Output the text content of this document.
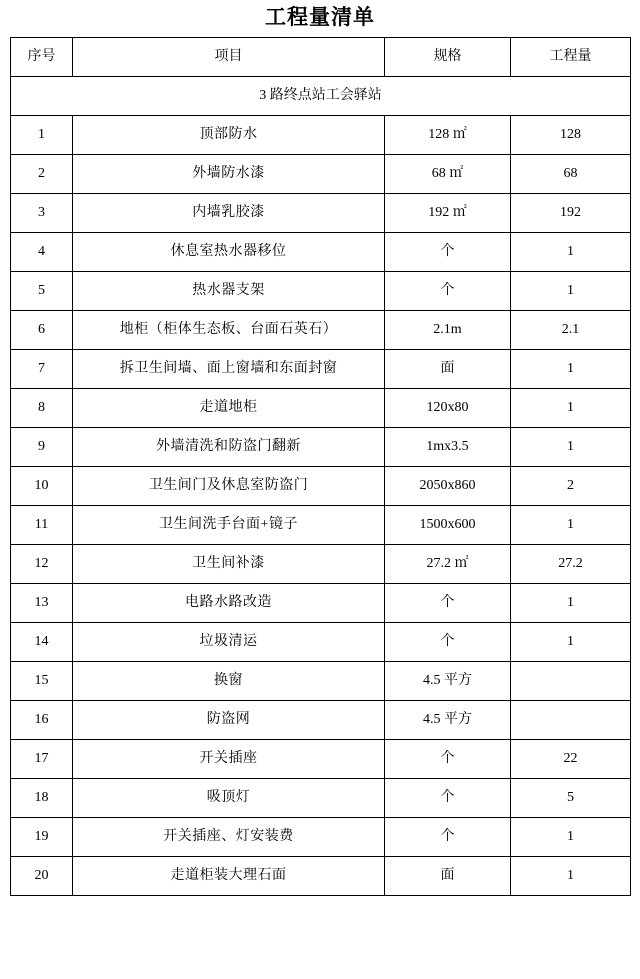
工程量清单
序号	项目	规格	工程量
3 路终点站工会驿站			
1	顶部防水	128 ㎡	128
2	外墙防水漆	68 ㎡	68
3	内墙乳胶漆	192 ㎡	192
4	休息室热水器移位	个	1
5	热水器支架	个	1
6	地柜（柜体生态板、台面石英石）	2.1m	2.1
7	拆卫生间墙、面上窗墙和东面封窗	面	1
8	走道地柜	120x80	1
9	外墙清洗和防盗门翻新	1mx3.5	1
10	卫生间门及休息室防盗门	2050x860	2
11	卫生间洗手台面+镜子	1500x600	1
12	卫生间补漆	27.2 ㎡	27.2
13	电路水路改造	个	1
14	垃圾清运	个	1
15	换窗	4.5 平方	
16	防盗网	4.5 平方	
17	开关插座	个	22
18	吸顶灯	个	5
19	开关插座、灯安装费	个	1
20	走道柜装大理石面	面	1
